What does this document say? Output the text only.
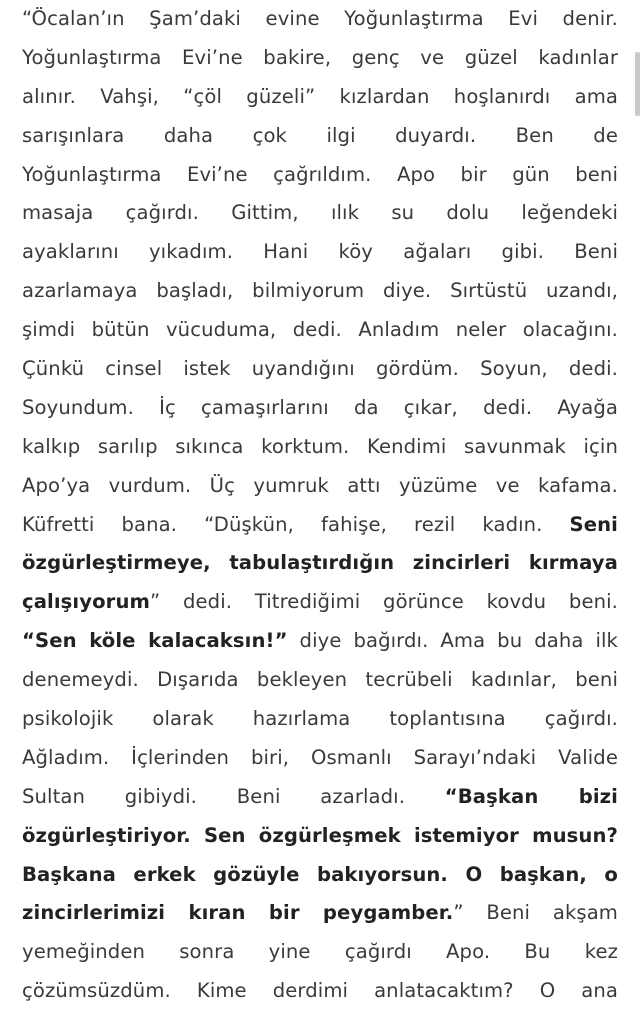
“Öcalan’ın Şam’daki evine Yoğunlaştırma Evi denir.
Yoğunlaştırma Evi’ne bakire, genç ve güzel kadınlar
alınır. Vahşi, “çöl güzeli” kızlardan hoşlanırdı ama
sarışınlara daha çok ilgi duyardı. Ben de
Yoğunlaştırma Evi’ne çağrıldım. Apo bir gün beni
masaja çağırdı. Gittim, ılık su dolu leğendeki
ayaklarını yıkadım. Hani köy ağaları gibi. Beni
azarlamaya başladı, bilmiyorum diye. Sırtüstü uzandı,
şimdi bütün vücuduma, dedi. Anladım neler olacağını.
Çünkü cinsel istek uyandığını gördüm. Soyun, dedi.
Soyundum. İç çamaşırlarını da çıkar, dedi. Ayağa
kalkıp sarılıp sıkınca korktum. Kendimi savunmak için
Apo’ya vurdum. Üç yumruk attı yüzüme ve kafama.
Küfretti bana. “Düşkün, fahişe, rezil kadın. Seni
özgürleştirmeye, tabulaştırdığın zincirleri kırmaya
çalışıyorum” dedi. Titrediğimi görünce kovdu beni.
“Sen köle kalacaksın!” diye bağırdı. Ama bu daha ilk
denemeydi. Dışarıda bekleyen tecrübeli kadınlar, beni
psikolojik olarak hazırlama toplantısına çağırdı.
Ağladım. İçlerinden biri, Osmanlı Sarayı’ndaki Valide
Sultan gibiydi. Beni azarladı. “Başkan bizi
özgürleştiriyor. Sen özgürleşmek istemiyor musun?
Başkana erkek gözüyle bakıyorsun. O başkan, o
zincirlerimizi kıran bir peygamber.” Beni akşam
yemeğinden sonra yine çağırdı Apo. Bu kez
çözümsüzdüm. Kime derdimi anlatacaktım? O ana
